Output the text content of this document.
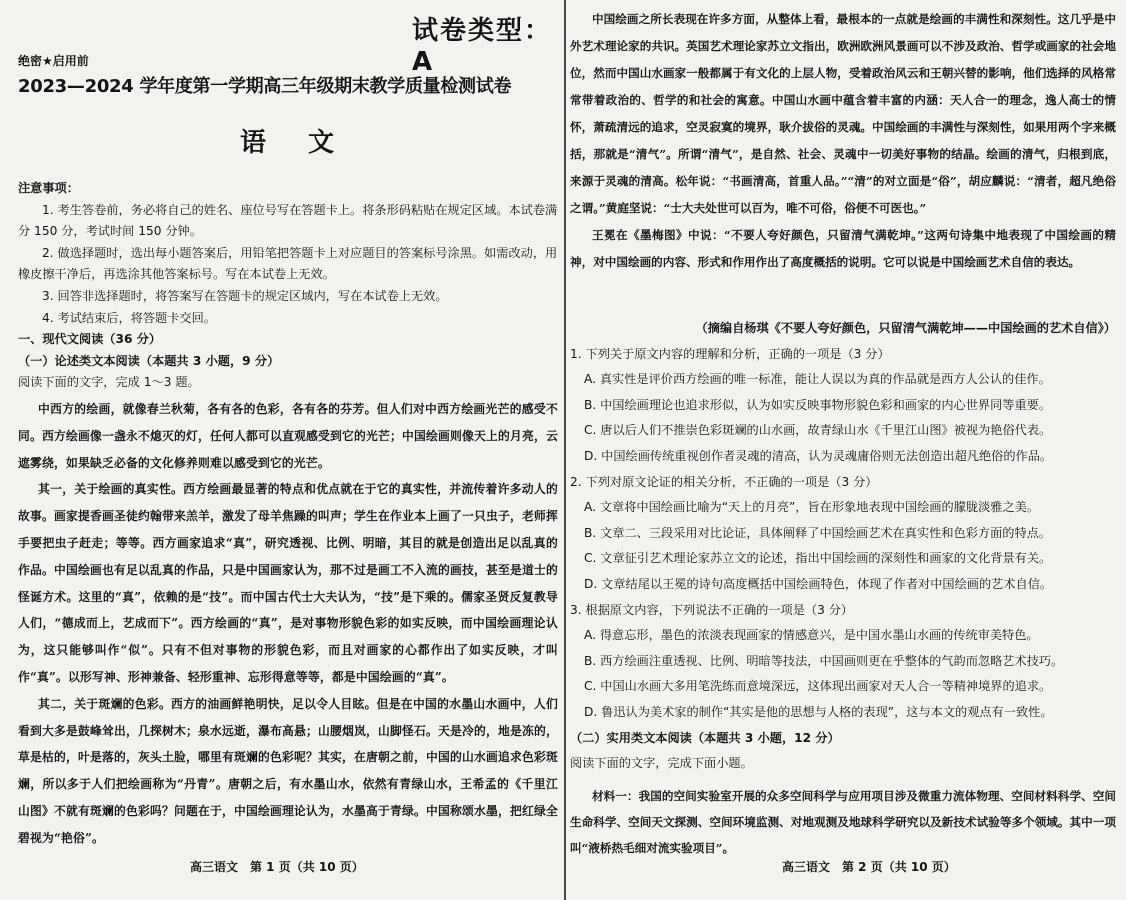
试卷类型：A
绝密★启用前
2023—2024 学年度第一学期高三年级期末教学质量检测试卷
语 文

注意事项：

1. 考生答卷前，务必将自己的姓名、座位号写在答题卡上。将条形码粘贴在规定区域。本试卷满分 150 分，考试时间 150 分钟。

2. 做选择题时，选出每小题答案后，用铅笔把答题卡上对应题目的答案标号涂黑。如需改动，用橡皮擦干净后，再选涂其他答案标号。写在本试卷上无效。

3. 回答非选择题时，将答案写在答题卡的规定区域内，写在本试卷上无效。

4. 考试结束后，将答题卡交回。

一、现代文阅读（36 分）

（一）论述类文本阅读（本题共 3 小题，9 分）

阅读下面的文字，完成 1～3 题。

中西方的绘画，就像春兰秋菊，各有各的色彩，各有各的芬芳。但人们对中西方绘画光芒的感受不同。西方绘画像一盏永不熄灭的灯，任何人都可以直观感受到它的光芒；中国绘画则像天上的月亮，云遮雾绕，如果缺乏必备的文化修养则难以感受到它的光芒。

其一，关于绘画的真实性。西方绘画最显著的特点和优点就在于它的真实性，并流传着许多动人的故事。画家提香画圣徒约翰带来羔羊，激发了母羊焦躁的叫声；学生在作业本上画了一只虫子，老师挥手要把虫子赶走；等等。西方画家追求“真”，研究透视、比例、明暗，其目的就是创造出足以乱真的作品。中国绘画也有足以乱真的作品，只是中国画家认为，那不过是画工不入流的画技，甚至是道士的怪诞方术。这里的“真”，依赖的是“技”。而中国古代士大夫认为，“技”是下乘的。儒家圣贤反复教导人们，“德成而上，艺成而下”。西方绘画的“真”，是对事物形貌色彩的如实反映，而中国绘画理论认为，这只能够叫作“似”。只有不但对事物的形貌色彩，而且对画家的心都作出了如实反映，才叫作“真”。以形写神、形神兼备、轻形重神、忘形得意等等，都是中国绘画的“真”。

其二，关于斑斓的色彩。西方的油画鲜艳明快，足以令人目眩。但是在中国的水墨山水画中，人们看到大多是鼓峰耸出，几探树木；泉水远逝，瀑布高悬；山腰烟岚，山脚怪石。天是冷的，地是冻的，草是枯的，叶是落的，灰头土脸，哪里有斑斓的色彩呢？其实，在唐朝之前，中国的山水画追求色彩斑斓，所以多于人们把绘画称为“丹青”。唐朝之后，有水墨山水，依然有青绿山水，王希孟的《千里江山图》不就有斑斓的色彩吗？问题在于，中国绘画理论认为，水墨高于青绿。中国称颂水墨，把红绿全碧视为“艳俗”。

高三语文　第 1 页（共 10 页）

中国绘画之所长表现在许多方面，从整体上看，最根本的一点就是绘画的丰满性和深刻性。这几乎是中外艺术理论家的共识。英国艺术理论家苏立文指出，欧洲欧洲风景画可以不涉及政治、哲学或画家的社会地位，然而中国山水画家一般都属于有文化的上层人物，受着政治风云和王朝兴替的影响，他们选择的风格常常带着政治的、哲学的和社会的寓意。中国山水画中蕴含着丰富的内涵：天人合一的理念，逸人高士的情怀，萧疏清远的追求，空灵寂寞的境界，耿介拔俗的灵魂。中国绘画的丰满性与深刻性，如果用两个字来概括，那就是“清气”。所谓“清气”，是自然、社会、灵魂中一切美好事物的结晶。绘画的清气，归根到底，来源于灵魂的清高。松年说：“书画清高，首重人品。”“清”的对立面是“俗”，胡应麟说：“清者，超凡绝俗之谓。”黄庭坚说：“士大夫处世可以百为，唯不可俗，俗便不可医也。”

王冕在《墨梅图》中说：“不要人夸好颜色，只留清气满乾坤。”这两句诗集中地表现了中国绘画的精神，对中国绘画的内容、形式和作用作出了高度概括的说明。它可以说是中国绘画艺术自信的表达。

（摘编自杨琪《不要人夸好颜色，只留清气满乾坤——中国绘画的艺术自信》）

1. 下列关于原文内容的理解和分析，正确的一项是（3 分）

A. 真实性是评价西方绘画的唯一标准，能让人误以为真的作品就是西方人公认的佳作。

B. 中国绘画理论也追求形似，认为如实反映事物形貌色彩和画家的内心世界同等重要。

C. 唐以后人们不推崇色彩斑斓的山水画，故青绿山水《千里江山图》被视为艳俗代表。

D. 中国绘画传统重视创作者灵魂的清高，认为灵魂庸俗则无法创造出超凡绝俗的作品。

2. 下列对原文论证的相关分析，不正确的一项是（3 分）

A. 文章将中国绘画比喻为“天上的月亮”，旨在形象地表现中国绘画的朦胧淡雅之美。

B. 文章二、三段采用对比论证，具体阐释了中国绘画艺术在真实性和色彩方面的特点。

C. 文章征引艺术理论家苏立文的论述，指出中国绘画的深刻性和画家的文化背景有关。

D. 文章结尾以王冕的诗句高度概括中国绘画特色，体现了作者对中国绘画的艺术自信。

3. 根据原文内容，下列说法不正确的一项是（3 分）

A. 得意忘形，墨色的浓淡表现画家的情感意兴，是中国水墨山水画的传统审美特色。

B. 西方绘画注重透视、比例、明暗等技法，中国画则更在乎整体的气韵而忽略艺术技巧。

C. 中国山水画大多用笔洗练而意境深远，这体现出画家对天人合一等精神境界的追求。

D. 鲁迅认为美术家的制作“其实是他的思想与人格的表现”，这与本文的观点有一致性。

（二）实用类文本阅读（本题共 3 小题，12 分）

阅读下面的文字，完成下面小题。

材料一：我国的空间实验室开展的众多空间科学与应用项目涉及微重力流体物理、空间材料科学、空间生命科学、空间天文探测、空间环境监测、对地观测及地球科学研究以及新技术试验等多个领域。其中一项叫“液桥热毛细对流实验项目”。

高三语文　第 2 页（共 10 页）
